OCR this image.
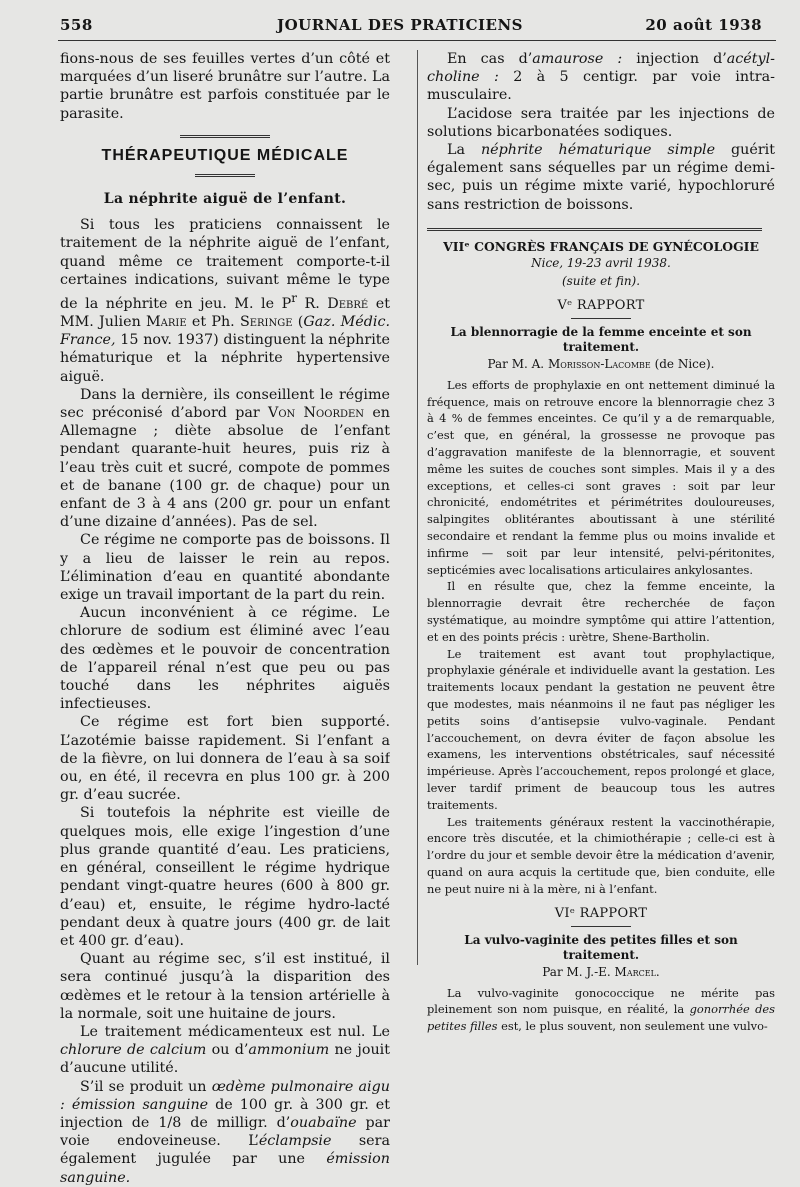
558	JOURNAL DES PRATICIENS	20 août 1938

fions-nous de ses feuilles vertes d’un côté et marquées d’un liseré brunâtre sur l’autre. La partie brunâtre est parfois constituée par le parasite.

THÉRAPEUTIQUE MÉDICALE
La néphrite aiguë de l’enfant.

Si tous les praticiens connaissent le traitement de la néphrite aiguë de l’enfant, quand même ce traitement comporte-t-il certaines indications, suivant même le type de la néphrite en jeu. M. le $P^r$ R. Debré et MM. Julien Marie et Ph. Seringe (Gaz. Médic. France, 15 nov. 1937) distinguent la néphrite hématurique et la néphrite hypertensive aiguë.

Dans la dernière, ils conseillent le régime sec préconisé d’abord par Von Noorden en Allemagne ; diète absolue de l’enfant pendant quarante-huit heures, puis riz à l’eau très cuit et sucré, compote de pommes et de banane (100 gr. de chaque) pour un enfant de 3 à 4 ans (200 gr. pour un enfant d’une dizaine d’années). Pas de sel.

Ce régime ne comporte pas de boissons. Il y a lieu de laisser le rein au repos. L’élimination d’eau en quantité abondante exige un travail important de la part du rein.

Aucun inconvénient à ce régime. Le chlorure de sodium est éliminé avec l’eau des œdèmes et le pouvoir de concentration de l’appareil rénal n’est que peu ou pas touché dans les néphrites aiguës infectieuses.

Ce régime est fort bien supporté. L’azotémie baisse rapidement. Si l’enfant a de la fièvre, on lui donnera de l’eau à sa soif ou, en été, il recevra en plus 100 gr. à 200 gr. d’eau sucrée.

Si toutefois la néphrite est vieille de quelques mois, elle exige l’ingestion d’une plus grande quantité d’eau. Les praticiens, en général, conseillent le régime hydrique pendant vingt-quatre heures (600 à 800 gr. d’eau) et, ensuite, le régime hydro-lacté pendant deux à quatre jours (400 gr. de lait et 400 gr. d’eau).

Quant au régime sec, s’il est institué, il sera continué jusqu’à la disparition des œdèmes et le retour à la tension artérielle à la normale, soit une huitaine de jours.

Le traitement médicamenteux est nul. Le chlorure de calcium ou d’ammonium ne jouit d’aucune utilité.

S’il se produit un œdème pulmonaire aigu : émission sanguine de 100 gr. à 300 gr. et injection de 1/8 de milligr. d’ouabaïne par voie endoveineuse. L’éclampsie sera également jugulée par une émission sanguine.

En cas d’amaurose : injection d’acétyl-choline : 2 à 5 centigr. par voie intra-musculaire.

L’acidose sera traitée par les injections de solutions bicarbonatées sodiques.

La néphrite hématurique simple guérit également sans séquelles par un régime demi-sec, puis un régime mixte varié, hypochloruré sans restriction de boissons.

VIIᵉ CONGRÈS FRANÇAIS DE GYNÉCOLOGIE
Nice, 19-23 avril 1938.
(suite et fin).
Vᵉ RAPPORT
La blennorragie de la femme enceinte et son traitement.
Par M. A. Morisson-Lacombe (de Nice).

Les efforts de prophylaxie en ont nettement diminué la fréquence, mais on retrouve encore la blennorragie chez 3 à 4 % de femmes enceintes. Ce qu’il y a de remarquable, c’est que, en général, la grossesse ne provoque pas d’aggravation manifeste de la blennorragie, et souvent même les suites de couches sont simples. Mais il y a des exceptions, et celles-ci sont graves : soit par leur chronicité, endométrites et périmétrites douloureuses, salpingites oblitérantes aboutissant à une stérilité secondaire et rendant la femme plus ou moins invalide et infirme — soit par leur intensité, pelvi-péritonites, septicémies avec localisations articulaires ankylosantes.

Il en résulte que, chez la femme enceinte, la blennorragie devrait être recherchée de façon systématique, au moindre symptôme qui attire l’attention, et en des points précis : urètre, Shene-Bartholin.

Le traitement est avant tout prophylactique, prophylaxie générale et individuelle avant la gestation. Les traitements locaux pendant la gestation ne peuvent être que modestes, mais néanmoins il ne faut pas négliger les petits soins d’antisepsie vulvo-vaginale. Pendant l’accouchement, on devra éviter de façon absolue les examens, les interventions obstétricales, sauf nécessité impérieuse. Après l’accouchement, repos prolongé et glace, lever tardif priment de beaucoup tous les autres traitements.

Les traitements généraux restent la vaccinothérapie, encore très discutée, et la chimiothérapie ; celle-ci est à l’ordre du jour et semble devoir être la médication d’avenir, quand on aura acquis la certitude que, bien conduite, elle ne peut nuire ni à la mère, ni à l’enfant.

VIᵉ RAPPORT
La vulvo-vaginite des petites filles et son traitement.
Par M. J.-E. Marcel.

La vulvo-vaginite gonococcique ne mérite pas pleinement son nom puisque, en réalité, la gonorrhée des petites filles est, le plus souvent, non seulement une vulvo-
